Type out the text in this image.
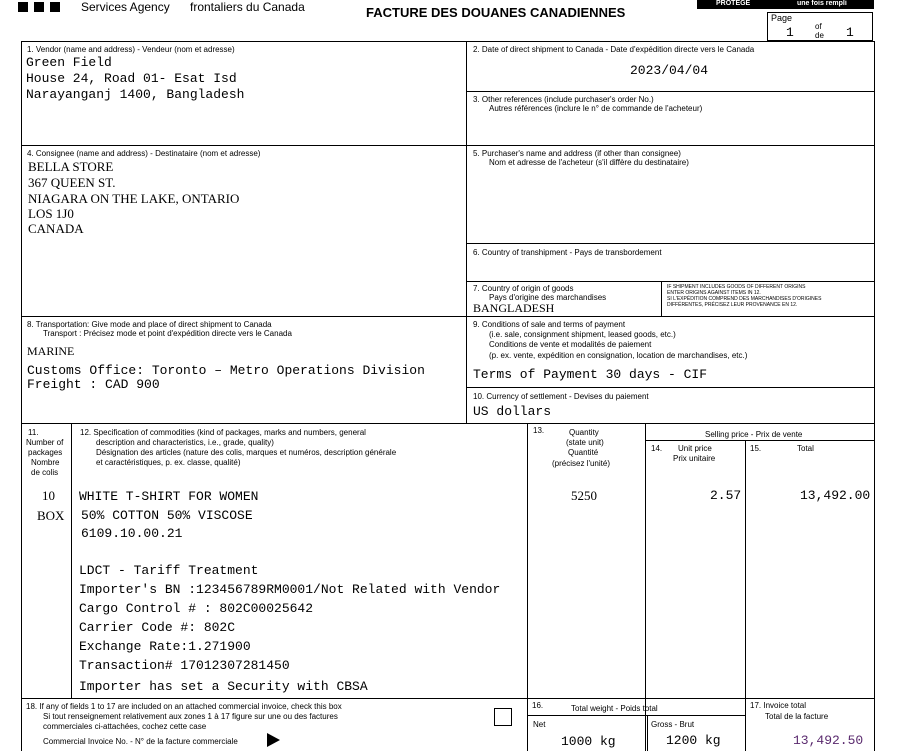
Services Agency frontaliers du Canada	FACTURE DES DOUANES CANADIENNES
PROTÉGÉ	une fois rempli
Page
1	of
de 1
1. Vendor (name and address) - Vendeur (nom et adresse)
Green Field
House 24, Road 01- Esat Isd
Narayanganj 1400, Bangladesh
2. Date of direct shipment to Canada - Date d'expédition directe vers le Canada
2023/04/04
3. Other references (include purchaser's order No.)
Autres références (inclure le n° de commande de l'acheteur)
4. Consignee (name and address) - Destinataire (nom et adresse)
BELLA STORE
367 QUEEN ST.
NIAGARA ON THE LAKE, ONTARIO
LOS 1J0
CANADA
5. Purchaser's name and address (if other than consignee)
Nom et adresse de l'acheteur (s'il diffère du destinataire)
6. Country of transhipment - Pays de transbordement
7. Country of origin of goods
Pays d'origine des marchandises
BANGLADESH
IF SHIPMENT INCLUDES GOODS OF DIFFERENT ORIGINS
ENTER ORIGINS AGAINST ITEMS IN 12.
SI L'EXPÉDITION COMPREND DES MARCHANDISES D'ORIGINES
DIFFÉRENTES, PRÉCISEZ LEUR PROVENANCE EN 12.
8. Transportation: Give mode and place of direct shipment to Canada
Transport : Précisez mode et point d'expédition directe vers le Canada
MARINE
Customs Office: Toronto – Metro Operations Division
Freight : CAD 900
9. Conditions of sale and terms of payment
(i.e. sale, consignment shipment, leased goods, etc.)
Conditions de vente et modalités de paiement
(p. ex. vente, expédition en consignation, location de marchandises, etc.)
Terms of Payment 30 days - CIF
10. Currency of settlement - Devises du paiement
US dollars
11.
Number of
packages
Nombre
de colis
12. Specification of commodities (kind of packages, marks and numbers, general
description and characteristics, i.e., grade, quality)
Désignation des articles (nature des colis, marques et numéros, description générale
et caractéristiques, p. ex. classe, qualité)
13.	Quantity
(state unit)
Quantité
(précisez l'unité)
Selling price - Prix de vente
14. Unit price
Prix unitaire
15.	Total
10
BOX
5250	2.57	13,492.00
WHITE T-SHIRT FOR WOMEN
50% COTTON 50% VISCOSE
6109.10.00.21
LDCT - Tariff Treatment
Importer's BN :123456789RM0001/Not Related with Vendor
Cargo Control # : 802C00025642
Carrier Code #: 802C
Exchange Rate:1.271900
Transaction# 17012307281450
Importer has set a Security with CBSA
18. If any of fields 1 to 17 are included on an attached commercial invoice, check this box
Si tout renseignement relativement aux zones 1 à 17 figure sur une ou des factures
commerciales ci-attachées, cochez cette case
Commercial Invoice No. - N° de la facture commerciale
16.	Total weight - Poids total
Net	Gross - Brut
1000 kg	1200 kg
17. Invoice total
Total de la facture
13,492.50
